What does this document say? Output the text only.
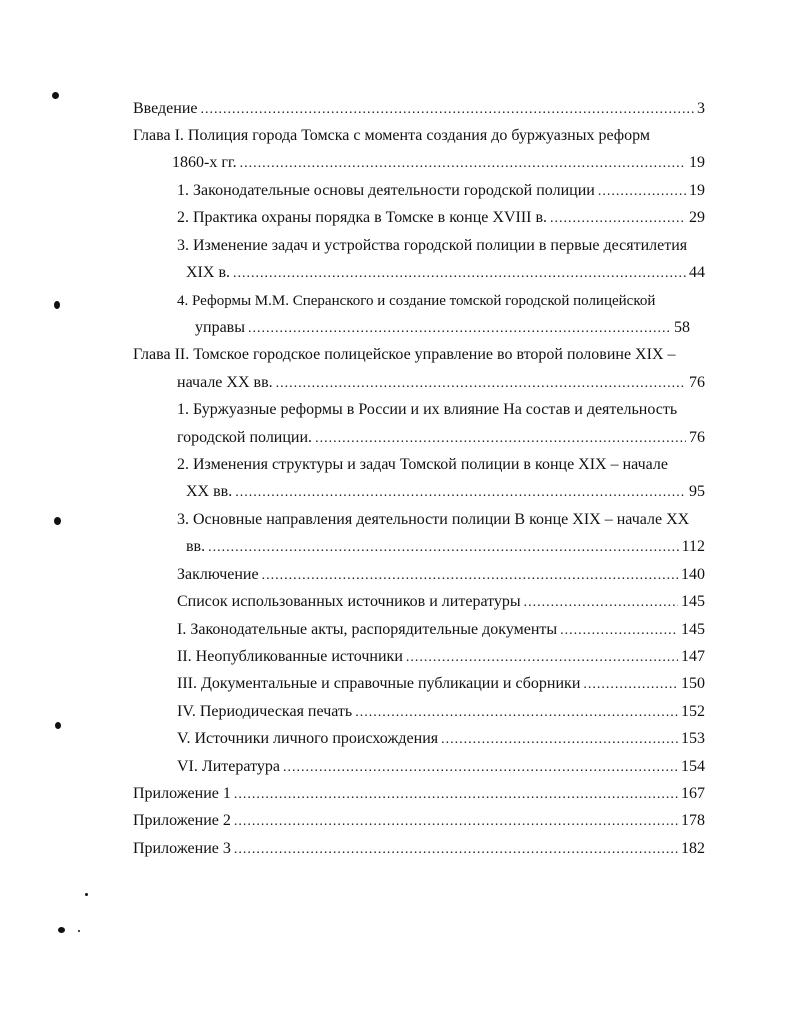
Введение .....	3
Глава I. Полиция города Томска с момента создания до буржуазных реформ
1860-х гг. .....	19
1. Законодательные основы деятельности городской полиции .....	19
2. Практика охраны порядка в Томске в конце XVIII в. .....	29
3. Изменение задач и устройства городской полиции в первые десятилетия
XIX в. .....	44
4. Реформы М.М. Сперанского и создание томской городской полицейской
управы .....	58
Глава II. Томское городское полицейское управление во второй половине XIX –
начале XX вв. .....	76
1. Буржуазные реформы в России и их влияние На состав и деятельность
городской полиции. .....	76
2. Изменения структуры и задач Томской полиции в конце XIX – начале
XX вв. .....	95
3. Основные направления деятельности полиции В конце XIX – начале XX
вв. .....	112
Заключение .....	140
Список использованных источников и литературы .....	145
I. Законодательные акты, распорядительные документы .....	145
II. Неопубликованные источники .....	147
III. Документальные и справочные публикации и сборники .....	150
IV. Периодическая печать .....	152
V. Источники личного происхождения .....	153
VI. Литература .....	154
Приложение 1 .....	167
Приложение 2 .....	178
Приложение 3 .....	182
